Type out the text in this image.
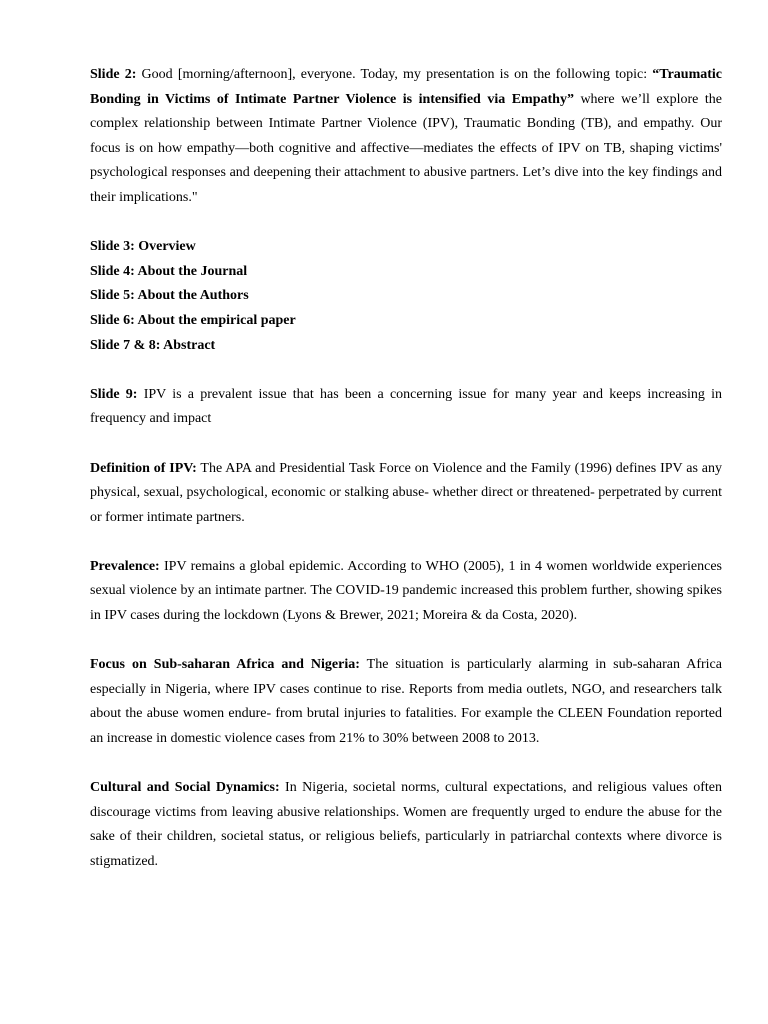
Slide 2: Good [morning/afternoon], everyone. Today, my presentation is on the following topic: “Traumatic Bonding in Victims of Intimate Partner Violence is intensified via Empathy” where we’ll explore the complex relationship between Intimate Partner Violence (IPV), Traumatic Bonding (TB), and empathy. Our focus is on how empathy—both cognitive and affective—mediates the effects of IPV on TB, shaping victims' psychological responses and deepening their attachment to abusive partners. Let’s dive into the key findings and their implications."

Slide 3: Overview

Slide 4: About the Journal

Slide 5: About the Authors

Slide 6: About the empirical paper

Slide 7 & 8: Abstract

Slide 9: IPV is a prevalent issue that has been a concerning issue for many year and keeps increasing in frequency and impact

Definition of IPV: The APA and Presidential Task Force on Violence and the Family (1996) defines IPV as any physical, sexual, psychological, economic or stalking abuse- whether direct or threatened- perpetrated by current or former intimate partners.

Prevalence: IPV remains a global epidemic. According to WHO (2005), 1 in 4 women worldwide experiences sexual violence by an intimate partner. The COVID-19 pandemic increased this problem further, showing spikes in IPV cases during the lockdown (Lyons & Brewer, 2021; Moreira & da Costa, 2020).

Focus on Sub-saharan Africa and Nigeria: The situation is particularly alarming in sub-saharan Africa especially in Nigeria, where IPV cases continue to rise. Reports from media outlets, NGO, and researchers talk about the abuse women endure- from brutal injuries to fatalities. For example the CLEEN Foundation reported an increase in domestic violence cases from 21% to 30% between 2008 to 2013.

Cultural and Social Dynamics: In Nigeria, societal norms, cultural expectations, and religious values often discourage victims from leaving abusive relationships. Women are frequently urged to endure the abuse for the sake of their children, societal status, or religious beliefs, particularly in patriarchal contexts where divorce is stigmatized.
